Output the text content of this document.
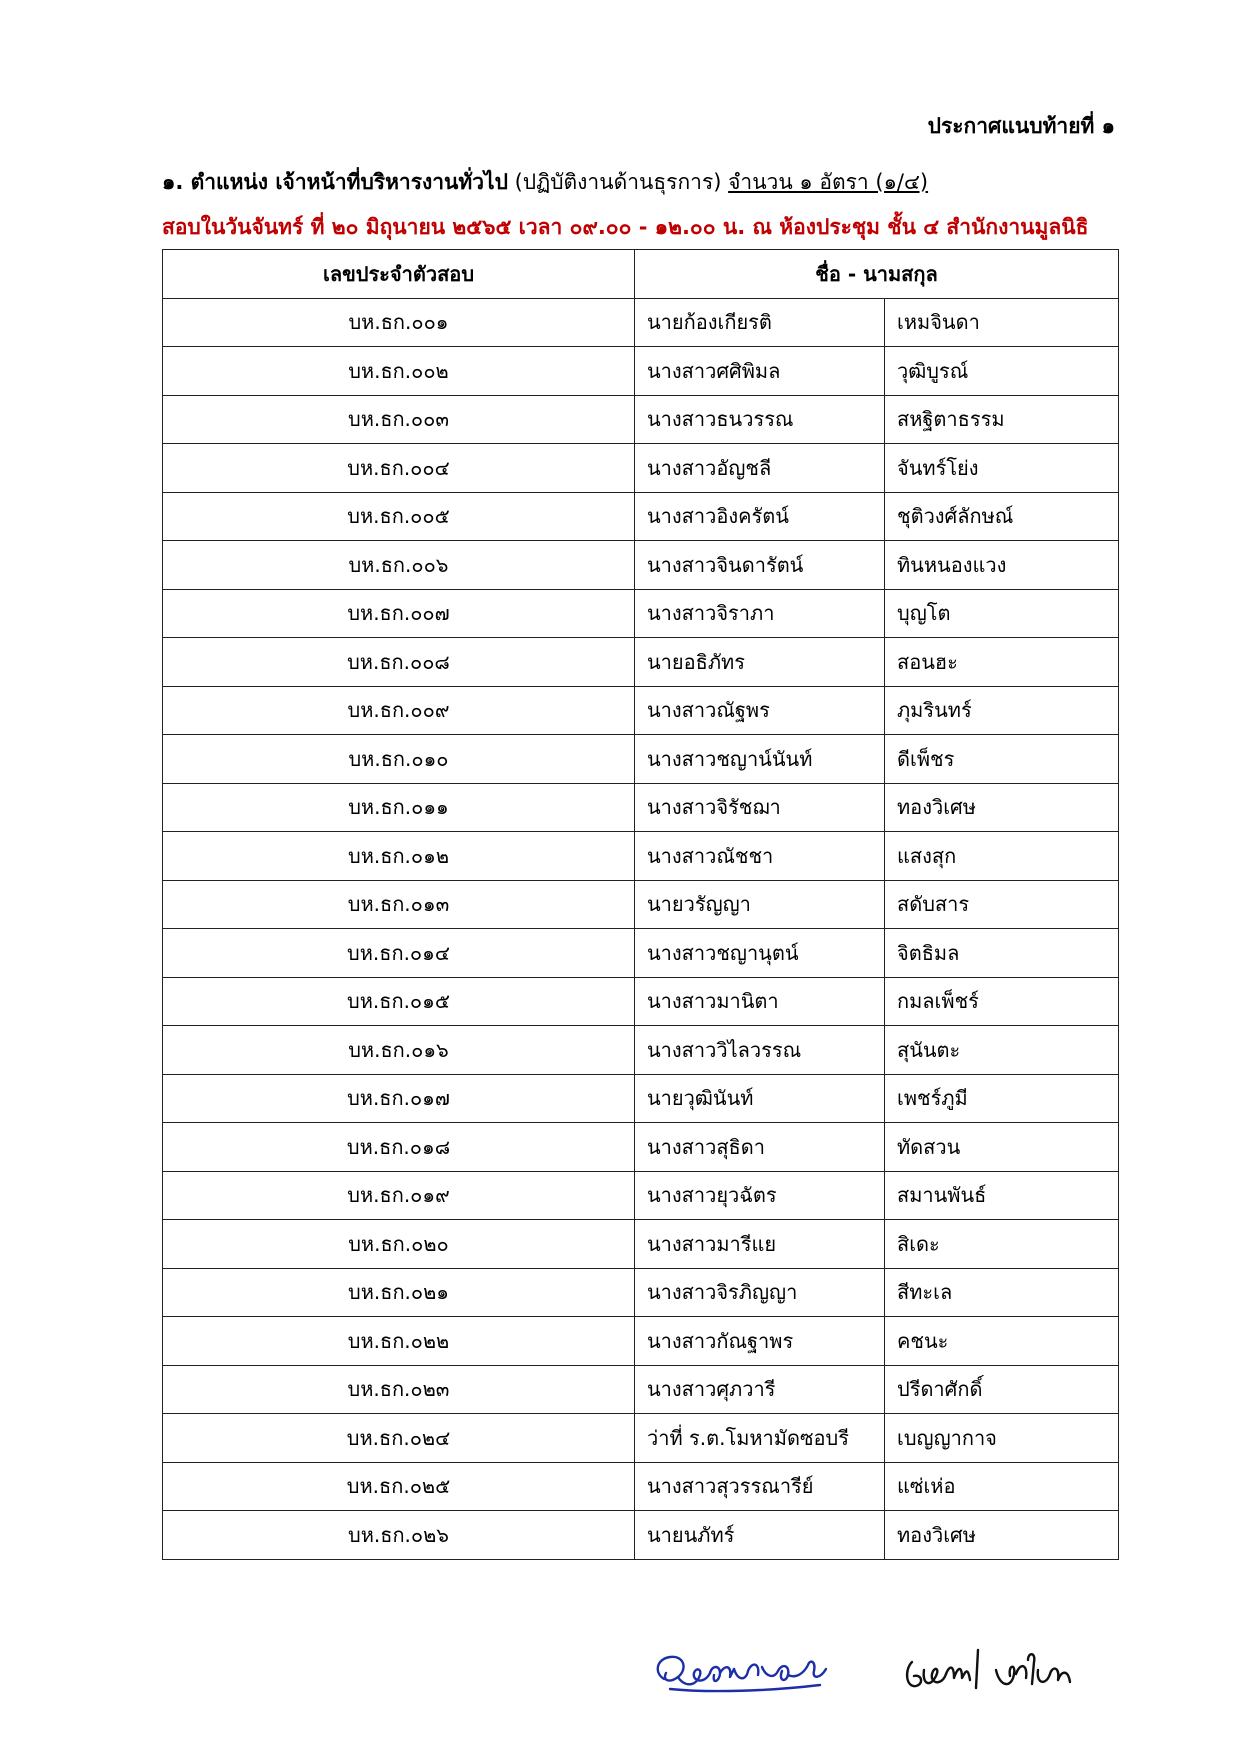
ประกาศแนบท้ายที่ ๑
๑. ตำแหน่ง เจ้าหน้าที่บริหารงานทั่วไป (ปฏิบัติงานด้านธุรการ) จำนวน ๑ อัตรา (๑/๔)
สอบในวันจันทร์ ที่ ๒๐ มิถุนายน ๒๕๖๕ เวลา ๐๙.๐๐ - ๑๒.๐๐ น. ณ ห้องประชุม ชั้น ๔ สำนักงานมูลนิธิ
เลขประจำตัวสอบ	ชื่อ - นามสกุล	
บห.ธก.๐๐๑	นายก้องเกียรติ	เหมจินดา
บห.ธก.๐๐๒	นางสาวศศิพิมล	วุฒิบูรณ์
บห.ธก.๐๐๓	นางสาวธนวรรณ	สหฐิตาธรรม
บห.ธก.๐๐๔	นางสาวอัญชลี	จันทร์โย่ง
บห.ธก.๐๐๕	นางสาวอิงครัตน์	ชุติวงศ์ลักษณ์
บห.ธก.๐๐๖	นางสาวจินดารัตน์	ทินหนองแวง
บห.ธก.๐๐๗	นางสาวจิราภา	บุญโต
บห.ธก.๐๐๘	นายอธิภัทร	สอนฮะ
บห.ธก.๐๐๙	นางสาวณัฐพร	ภุมรินทร์
บห.ธก.๐๑๐	นางสาวชญาน์นันท์	ดีเพ็ชร
บห.ธก.๐๑๑	นางสาวจิรัชฌา	ทองวิเศษ
บห.ธก.๐๑๒	นางสาวณัชชา	แสงสุก
บห.ธก.๐๑๓	นายวรัญญา	สดับสาร
บห.ธก.๐๑๔	นางสาวชญานุตน์	จิตธิมล
บห.ธก.๐๑๕	นางสาวมานิตา	กมลเพ็ชร์
บห.ธก.๐๑๖	นางสาววิไลวรรณ	สุนันตะ
บห.ธก.๐๑๗	นายวุฒินันท์	เพชร์ภูมี
บห.ธก.๐๑๘	นางสาวสุธิดา	ทัดสวน
บห.ธก.๐๑๙	นางสาวยุวฉัตร	สมานพันธ์
บห.ธก.๐๒๐	นางสาวมารีแย	สิเดะ
บห.ธก.๐๒๑	นางสาวจิรภิญญา	สีทะเล
บห.ธก.๐๒๒	นางสาวกัณฐาพร	คชนะ
บห.ธก.๐๒๓	นางสาวศุภวารี	ปรีดาศักดิ์
บห.ธก.๐๒๔	ว่าที่ ร.ต.โมหามัดซอบรี	เบญญากาจ
บห.ธก.๐๒๕	นางสาวสุวรรณารีย์	แซ่เห่อ
บห.ธก.๐๒๖	นายนภัทร์	ทองวิเศษ
